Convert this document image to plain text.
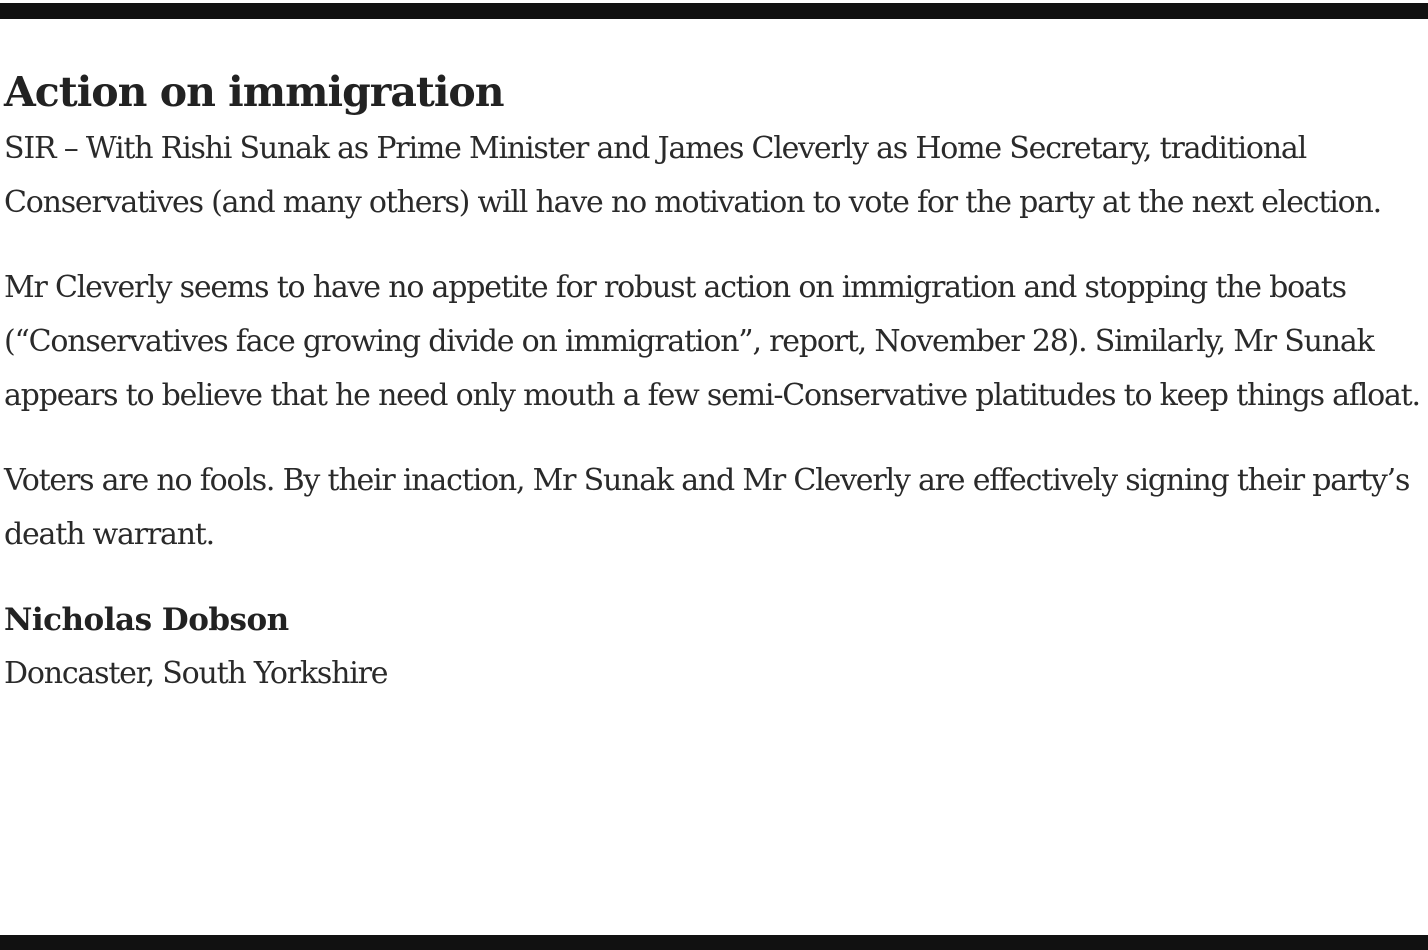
Action on immigration

SIR – With Rishi Sunak as Prime Minister and James Cleverly as Home Secretary, traditional Conservatives (and many others) will have no motivation to vote for the party at the next election.

Mr Cleverly seems to have no appetite for robust action on immigration and stopping the boats (“Conservatives face growing divide on immigration”, report, November 28). Similarly, Mr Sunak appears to believe that he need only mouth a few semi-Conservative platitudes to keep things afloat.

Voters are no fools. By their inaction, Mr Sunak and Mr Cleverly are effectively signing their party’s death warrant.

Nicholas Dobson

Doncaster, South Yorkshire
